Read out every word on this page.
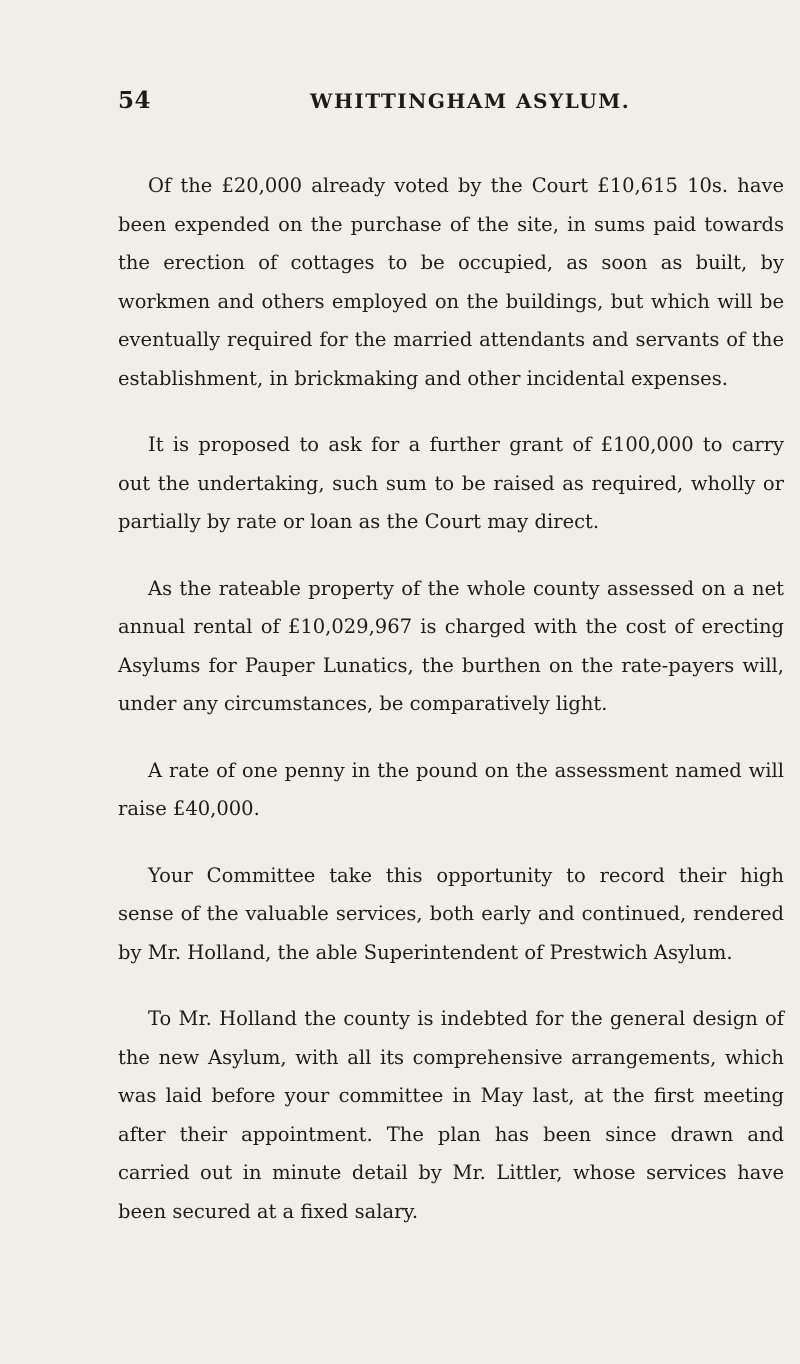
54	WHITTINGHAM ASYLUM.

Of the £20,000 already voted by the Court £10,615 10s. have been expended on the purchase of the site, in sums paid towards the erection of cottages to be occupied, as soon as built, by workmen and others employed on the buildings, but which will be eventually required for the married attendants and servants of the establishment, in brickmaking and other incidental expenses.

It is proposed to ask for a further grant of £100,000 to carry out the undertaking, such sum to be raised as required, wholly or partially by rate or loan as the Court may direct.

As the rateable property of the whole county assessed on a net annual rental of £10,029,967 is charged with the cost of erecting Asylums for Pauper Lunatics, the burthen on the rate-payers will, under any circumstances, be comparatively light.

A rate of one penny in the pound on the assessment named will raise £40,000.

Your Committee take this opportunity to record their high sense of the valuable services, both early and continued, rendered by Mr. Holland, the able Superintendent of Prestwich Asylum.

To Mr. Holland the county is indebted for the general design of the new Asylum, with all its comprehensive arrangements, which was laid before your committee in May last, at the first meeting after their appointment. The plan has been since drawn and carried out in minute detail by Mr. Littler, whose services have been secured at a fixed salary.
